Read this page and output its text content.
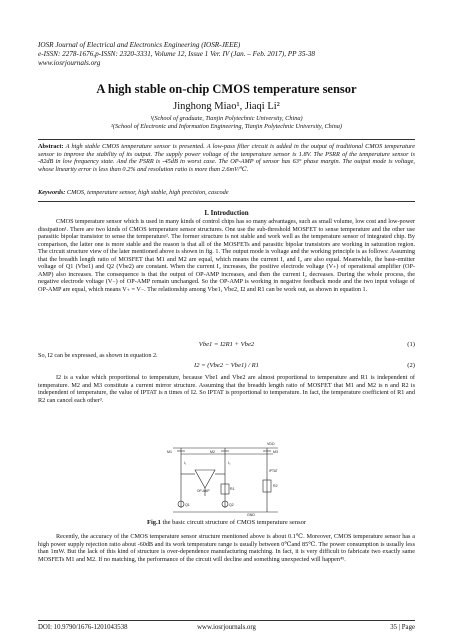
IOSR Journal of Electrical and Electronics Engineering (IOSR-JEEE)
e-ISSN: 2278-1676,p-ISSN: 2320-3331, Volume 12, Issue 1 Ver. IV (Jan. – Feb. 2017), PP 35-38
www.iosrjournals.org
A high stable on-chip CMOS temperature sensor
Jinghong Miao¹, Jiaqi Li²
¹(School of graduate, Tianjin Polytechnic University, China)
²(School of Electronic and Information Engineering, Tianjin Polytechnic University, China)
Abstract: A high stable CMOS temperature sensor is presented. A low-pass filter circuit is added in the output of traditional CMOS temperature sensor to improve the stability of its output. The supply power voltage of the temperature sensor is 1.8V. The PSRR of the temperature sensor is -82dB in low frequency state. And the PSRR is -45dB in worst case. The OP-AMP of sensor has 63° phase margin. The output mode is voltage, whose linearity error is less than 0.2% and resolution ratio is more than 2.6mV/℃.
Keywords: CMOS, temperature sensor, high stable, high precision, cascode
I. Introduction
CMOS temperature sensor which is used in many kinds of control chips has so many advantages, such as small volume, low cost and low-power dissipation¹. There are two kinds of CMOS temperature sensor structures. One use the sub-threshold MOSFET to sense temperature and the other use parasitic bipolar transistor to sense the temperature². The former structure is not stable and work well as the temperature sensor of integrated chip. By comparison, the latter one is more stable and the reason is that all of the MOSFETs and parasitic bipolar transistors are working in saturation region. The circuit structure view of the later mentioned above is shown in fig. 1. The output mode is voltage and the working principle is as follows: Assuming that the breadth length ratio of MOSFET that M1 and M2 are equal, which means the current I₁ and I₂ are also equal. Meanwhile, the base-emitter voltage of Q1 (Vbe1) and Q2 (Vbe2) are constant. When the current I₂ increases, the positive electrode voltage (V₊) of operational amplifier (OP-AMP) also increases. The consequence is that the output of OP-AMP increases, and then the current I₂ decreases. During the whole process, the negative electrode voltage (V₋) of OP-AMP remain unchanged. So the OP-AMP is working in negative feedback mode and the two input voltage of OP-AMP are equal, which means V₊ = V₋. The relationship among Vbe1, Vbe2, I2 and R1 can be work out, as shown in equation 1.
Vbe1 = I2R1 + Vbe2	(1)
So, I2 can be expressed, as shown in equation 2.
I2 = (Vbe2 − Vbe1) / R1	(2)
I2 is a value which proportional to temperature, because Vbe1 and Vbe2 are almost proportional to temperature and R1 is independent of temperature. M2 and M3 constitute a current mirror structure. Assuming that the breadth length ratio of MOSFET that M1 and M2 is n and R2 is independent of temperature, the value of IPTAT is n times of I2. So IPTAT is proportional to temperature. In fact, the temperature coefficient of R1 and R2 can cancel each other³.
VDD
M1	M2	M3
I₁	I₂
IPTAT
OP-AMP	R1
R2
Q1	Q2
GND
Fig.1 the basic circuit structure of CMOS temperature sensor
Recently, the accuracy of the CMOS temperature sensor structure mentioned above is about 0.1℃. Moreover, CMOS temperature sensor has a high power supply rejection ratio about -60dB and its work temperature range is usually between 0℃and 85℃. The power consumption is usually less than 1mW. But the lack of this kind of structure is over-dependence manufacturing matching. In fact, it is very difficult to fabricate two exactly same MOSFETs M1 and M2. If no matching, the performance of the circuit will decline and something unexpected will happen⁴⁵.
DOI: 10.9790/1676-1201043538	www.iosrjournals.org	35 | Page
